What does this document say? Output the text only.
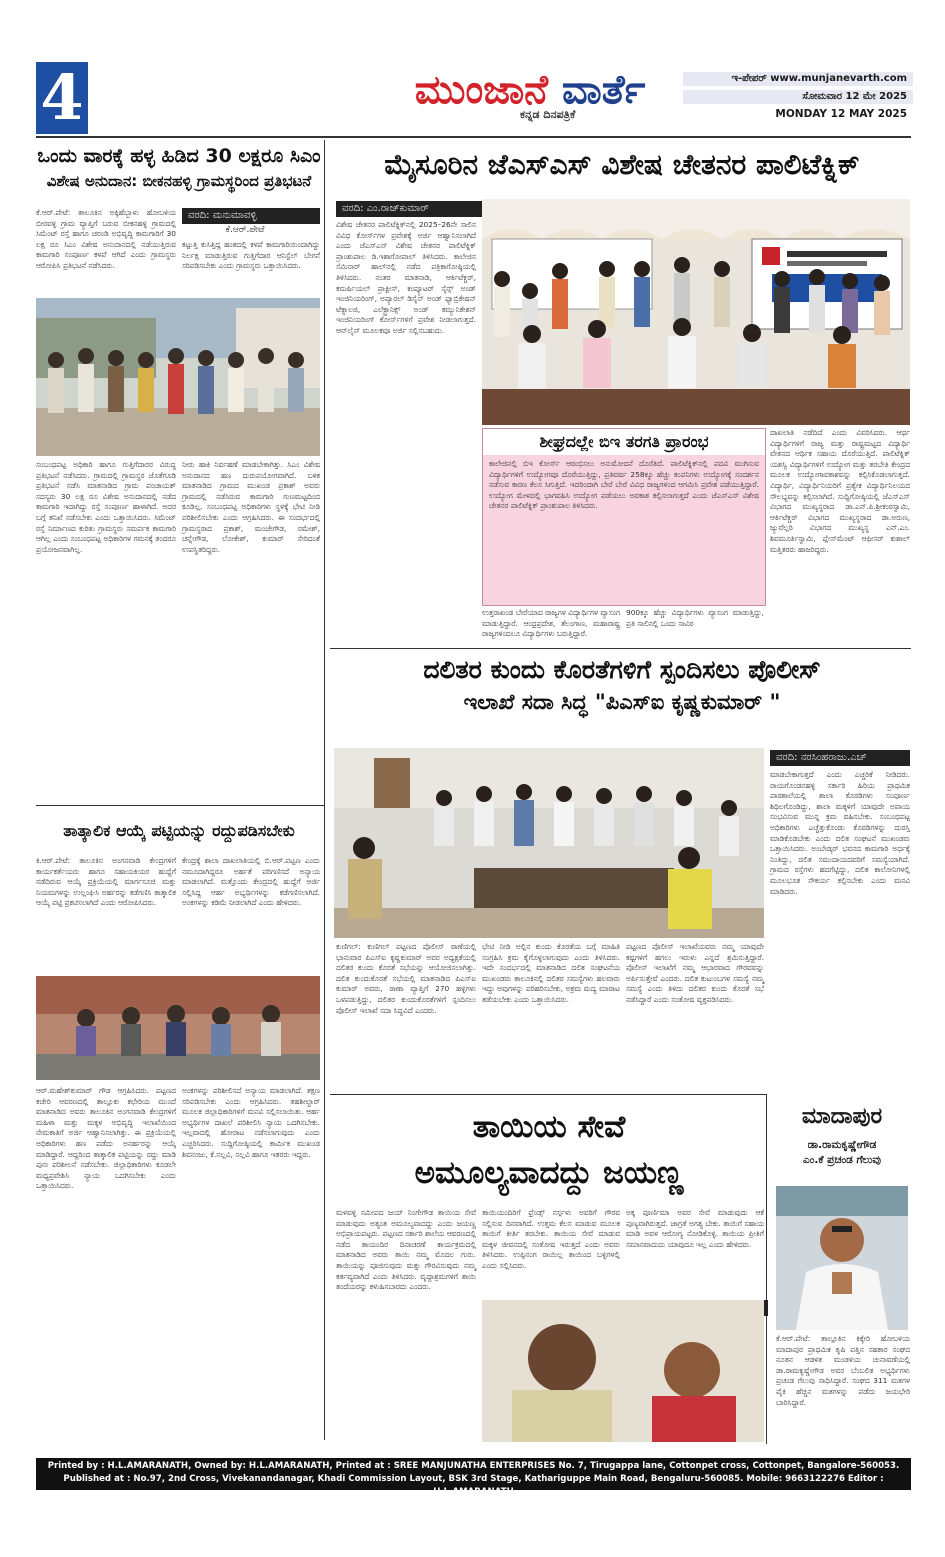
4	ಮುಂಜಾನೆ ವಾರ್ತೆ
ಕನ್ನಡ ದಿನಪತ್ರಿಕೆ
ಇ-ಪೇಪರ್ www.munjanevarth.com
ಸೋಮವಾರ 12 ಮೇ 2025
MONDAY 12 MAY 2025
ಒಂದು ವಾರಕ್ಕೆ ಹಳ್ಳ ಹಿಡಿದ 30 ಲಕ್ಷರೂ ಸಿಎಂ
ವಿಶೇಷ ಅನುದಾನ: ಬೀಕನಹಳ್ಳಿ ಗ್ರಾಮಸ್ಥರಿಂದ ಪ್ರತಿಭಟನೆ
ವರದಿ: ಮನುಮಾವಳ್ಳಿ
ಕೆ.ಆರ್.ಪೇಟೆ
ಕೆ.ಆರ್.ಪೇಟೆ: ತಾಲೂಕಿನ ಅಕ್ಕಿಹೆಬ್ಬಾಳು ಹೋಬಳಿಯ ಬೀರವಳ್ಳಿ ಗ್ರಾಮ ವ್ಯಾಪ್ತಿಗೆ ಬರುವ ಬೀಕನಹಳ್ಳಿ ಗ್ರಾಮದಲ್ಲಿ ಸಿಮೆಂಟ್ ರಸ್ತೆ ಹಾಗೂ ಚರಂಡಿ ಅಭಿವೃದ್ಧಿ ಕಾಮಗಾರಿಗೆ 30 ಲಕ್ಷ ರೂ ಸಿಎಂ ವಿಶೇಷ ಅನುದಾನದಲ್ಲಿ ನಡೆಯುತ್ತಿರುವ ಕಾಮಗಾರಿ ಸಂಪೂರ್ಣ ಕಳಪೆ ಆಗಿದೆ ಎಂದು ಗ್ರಾಮಸ್ಥರು ಆರೋಪಿಸಿ ಪ್ರತಿಭಟನೆ ನಡೆಸಿದರು.
ಕಟ್ಟುತ್ತಿ ಕುಸಿತ್ತಿದ್ದ ಹಂತದಲ್ಲಿ ಕಳಪೆ ಕಾಮಗಾರಿಯಿಂದಾಗಿದ್ದು ನಿರ್ಲಕ್ಷ ಮಾಡುತ್ತಿರುವ ಗುತ್ತಿಗೆದಾರ ಆನಿಸ್ಟೆಲ್ ಬೇಗನೆ ಸರಿಪಡಿಸಬೇಕು ಎಂದು ಗ್ರಾಮಸ್ಥರು ಒತ್ತಾಯಿಸಿದರು.
ಸಂಬಂಧಪಟ್ಟ ಅಧಿಕಾರಿ ಹಾಗೂ ಗುತ್ತಿಗೆದಾರರ ವಿರುದ್ಧ ಪ್ರತಿಭಟನೆ ನಡೆಸಿದರು. ಗ್ರಾಮದಲ್ಲಿ ಗ್ರಾಮಸ್ಥರ ಜೊತೆಗೂಡಿ ಪ್ರತಿಭಟನೆ ನಡೆಸಿ ಮಾತನಾಡಿದ ಗ್ರಾಮ ಪಂಚಾಯತ್ ಸದಸ್ಯರು 30 ಲಕ್ಷ ರೂ ವಿಶೇಷ ಅನುದಾನದಲ್ಲಿ ನಡೆದ ಕಾಮಗಾರಿ ಇದಾಗಿದ್ದು ರಸ್ತೆ ಸಂಪೂರ್ಣ ಹಾಳಾಗಿದೆ. ಅದರ ಬಗ್ಗೆ ತನಿಖೆ ನಡೆಸಬೇಕು ಎಂದು ಒತ್ತಾಯಿಸಿದರು. ಸಿಮೆಂಟ್ ರಸ್ತೆ ನಿರ್ಮಾಣದ ಕುರಿತು ಗ್ರಾಮಸ್ಥರು ಸಮರ್ಪಕ ಕಾಮಗಾರಿ ಆಗಿಲ್ಲ ಎಂದು ಸಂಬಂಧಪಟ್ಟ ಅಧಿಕಾರಿಗಳ ಗಮನಕ್ಕೆ ತಂದರೂ ಪ್ರಯೋಜನವಾಗಿಲ್ಲ.
ನೀರು ಹಾಕಿ ನಿರ್ವಹಣೆ ಮಾಡಬೇಕಾಗಿತ್ತು. ಸಿಎಂ ವಿಶೇಷ ಅನುದಾನದ ಹಣ ದುರುಪಯೋಗವಾಗಿದೆ. ಬಳಿಕ ಮಾತನಾಡಿದ ಗ್ರಾಮದ ಮುಖಂಡ ಪ್ರಕಾಶ್ ಅವರು ಗ್ರಾಮದಲ್ಲಿ ನಡೆಸಿರುವ ಕಾಮಗಾರಿ ಗುಣಮಟ್ಟದಿಂದ ಕೂಡಿಲ್ಲ. ಸಂಬಂಧಪಟ್ಟ ಅಧಿಕಾರಿಗಳು ಸ್ಥಳಕ್ಕೆ ಭೇಟಿ ನೀಡಿ ಪರಿಶೀಲಿಸಬೇಕು ಎಂದು ಆಗ್ರಹಿಸಿದರು. ಈ ಸಂದರ್ಭದಲ್ಲಿ ಗ್ರಾಮಸ್ಥರಾದ ಪ್ರಕಾಶ್, ಮಂಜೇಗೌಡ, ರಮೇಶ್, ಚನ್ನೇಗೌಡ, ಲೋಕೇಶ್, ಕುಮಾರ್ ಸೇರಿದಂತೆ ಉಪಸ್ಥಿತರಿದ್ದರು.
ತಾತ್ಕಾಲಿಕ ಆಯ್ಕೆ ಪಟ್ಟಿಯನ್ನು ರದ್ದುಪಡಿಸಬೇಕು
ಕಿ.ಆರ್.ಪೇಟೆ: ತಾಲೂಕಿನ ಅಂಗನವಾಡಿ ಕೇಂದ್ರಗಳಿಗೆ ಕಾರ್ಯಕರ್ತೆಯರು ಹಾಗೂ ಸಹಾಯಕಿಯರ ಹುದ್ದೆಗೆ ನಡೆದಿರುವ ಆಯ್ಕೆ ಪ್ರಕ್ರಿಯೆಯಲ್ಲಿ ಮಾರ್ಗಸೂಚಿ ಮತ್ತು ನಿಯಮಗಳನ್ನು ಉಲ್ಲಂಘಿಸಿ ಅರ್ಹರನ್ನು ಕಡೆಗಣಿಸಿ ತಾತ್ಕಾಲಿಕ ಆಯ್ಕೆ ಪಟ್ಟಿ ಪ್ರಕಟಿಸಲಾಗಿದೆ ಎಂದು ಆರೋಪಿಸಿದರು.
ಕೇಂದ್ರಕ್ಕೆ ಶಾಲಾ ದಾಖಲಾತಿಯಲ್ಲಿ ಬಿ.ಆರ್.ಪಟ್ಟಣ ಎಂದು ನಮೂದಾಗಿದ್ದರೂ ಅರ್ಹತೆ ಪರಿಗಣಿಸದೆ ಅನ್ಯಾಯ ಮಾಡಲಾಗಿದೆ. ಮತ್ತೊಂದು ಕೇಂದ್ರದಲ್ಲಿ ಹುದ್ದೆಗೆ ಅರ್ಜಿ ಸಲ್ಲಿಸಿದ್ದ ಆರ್ಹ ಅಭ್ಯರ್ಥಿಗಳನ್ನು ಕಡೆಗಣಿಸಲಾಗಿದೆ. ಅಂಕಗಳನ್ನು ಕಡಿಮೆ ನೀಡಲಾಗಿದೆ ಎಂದು ಹೇಳಿದರು.
ಆರ್.ಮಹೇಶ್‌ಕುಮಾರ್ ಗೌಡ ಆಗ್ರಹಿಸಿದರು. ಪಟ್ಟಣದ ಕಚೇರಿ ಆವರಣದಲ್ಲಿ ತಾಲ್ಲೂಕು ಕಛೇರಿಯ ಮುಂದೆ ಮಾತನಾಡಿದ ಅವರು ತಾಲೂಕಿನ ಅಂಗನವಾಡಿ ಕೇಂದ್ರಗಳಿಗೆ ಮಹಿಳಾ ಮತ್ತು ಮಕ್ಕಳ ಅಭಿವೃದ್ಧಿ ಇಲಾಖೆಯಿಂದ ನೇಮಕಾತಿಗೆ ಅರ್ಜಿ ಆಹ್ವಾನಿಸಲಾಗಿತ್ತು. ಈ ಪ್ರಕ್ರಿಯೆಯಲ್ಲಿ ಅಧಿಕಾರಿಗಳು ಹಣ ಪಡೆದು ಅನರ್ಹರನ್ನು ಆಯ್ಕೆ ಮಾಡಿದ್ದಾರೆ. ಆದ್ದರಿಂದ ತಾತ್ಕಾಲಿಕ ಪಟ್ಟಿಯನ್ನು ರದ್ದು ಮಾಡಿ ಪುನಃ ಪರಿಶೀಲನೆ ನಡೆಸಬೇಕು. ಜಿಲ್ಲಾಧಿಕಾರಿಗಳು ಕೂಡಲೇ ಮಧ್ಯಪ್ರವೇಶಿಸಿ ನ್ಯಾಯ ಒದಗಿಸಬೇಕು ಎಂದು ಒತ್ತಾಯಿಸಿದರು.
ಅಂಕಗಳನ್ನು ಪರಿಶೀಲಿಸದೆ ಅನ್ಯಾಯ ಮಾಡಲಾಗಿದೆ. ತಕ್ಷಣ ಸರಿಪಡಿಸಬೇಕು ಎಂದು ಆಗ್ರಹಿಸಿದರು. ತಹಶೀಲ್ದಾರ್ ಮೂಲಕ ಜಿಲ್ಲಾಧಿಕಾರಿಗಳಿಗೆ ಮನವಿ ಸಲ್ಲಿಸಲಾಯಿತು. ಆರ್ಹ ಅಭ್ಯರ್ಥಿಗಳ ದಾಖಲೆ ಪರಿಶೀಲಿಸಿ ನ್ಯಾಯ ಒದಗಿಸಬೇಕು. ಇಲ್ಲವಾದಲ್ಲಿ ಹೋರಾಟ ನಡೆಸಲಾಗುವುದು ಎಂದು ಎಚ್ಚರಿಸಿದರು. ಸುದ್ದಿಗೋಷ್ಠಿಯಲ್ಲಿ ಕಾರ್ಮಿಕ ಮುಖಂಡ ಶಿವನಂಜು, ಕೆ.ಸಲ್ಲವಿ, ಸಲ್ಲವಿ ಹಾಗೂ ಇತರರು ಇದ್ದರು.
ಮೈಸೂರಿನ ಜೆಎಸ್‌ಎಸ್ ವಿಶೇಷ ಚೇತನರ ಪಾಲಿಟೆಕ್ನಿಕ್
ವರದಿ: ಎಂ.ರಾಜ್‌ಕುಮಾರ್
ವಿಶೇಷ ಚೇತನರ ಪಾಲಿಟೆಕ್ನಿಕ್‌ನಲ್ಲಿ 2025–26ನೇ ಸಾಲಿನ ವಿವಿಧ ಕೋರ್ಸ್‌ಗಳ ಪ್ರವೇಶಕ್ಕೆ ಅರ್ಜಿ ಆಹ್ವಾನಿಸಲಾಗಿದೆ ಎಂದು ಜೆಎಸ್‌ಎಸ್ ವಿಶೇಷ ಚೇತನರ ಪಾಲಿಟೆಕ್ನಿಕ್ ಪ್ರಾಂಶುಪಾಲ ಡಿ.ಇಶಾಗೋಪಾಲ್ ತಿಳಿಸಿದರು. ಕಾಲೇಜಿನ ಸೆಮಿನಾರ್ ಹಾಲ್‌ನಲ್ಲಿ ನಡೆದ ಪತ್ರಿಕಾಗೋಷ್ಠಿಯಲ್ಲಿ ತಿಳಿಸಿದರು. ನಂತರ ಮಾತನಾಡಿ, ಆರ್ಕಿಟೆಕ್ಚರ್, ಕಮರ್ಷಿಯಲ್ ಪ್ರಾಕ್ಟೀಸ್, ಕಂಪ್ಯೂಟರ್ ಸೈನ್ಸ್ ಅಂಡ್ ಇಂಜಿನಿಯರಿಂಗ್, ಅಪ್ಯಾರಲ್ ಡಿಸೈನ್ ಅಂಡ್ ಫ್ಯಾಬ್ರಿಕೇಷನ್ ಟೆಕ್ನಾಲಜಿ, ಎಲೆಕ್ಟ್ರಾನಿಕ್ಸ್ ಅಂಡ್ ಕಮ್ಯುನಿಕೇಶನ್ ಇಂಜಿನಿಯರಿಂಗ್ ಕೋರ್ಸ್‌ಗಳಿಗೆ ಪ್ರವೇಶ ನೀಡಲಾಗುತ್ತದೆ. ಆನ್‌ಲೈನ್ ಮೂಲಕವೂ ಅರ್ಜಿ ಸಲ್ಲಿಸಬಹುದು.
ಶೀಘ್ರದಲ್ಲೇ ಬಿಇ ತರಗತಿ ಪ್ರಾರಂಭ
ಕಾಲೇಜಿನಲ್ಲಿ ಬಿಇ ಕೋರ್ಸ್ ಆರಂಭಿಸಲು ಅನುಮೋದನೆ ದೊರೆತಿದೆ. ಪಾಲಿಟೆಕ್ನಿಕ್‌ನಲ್ಲಿ ಪದವಿ ಮುಗಿಸುವ ವಿದ್ಯಾರ್ಥಿಗಳಿಗೆ ಉದ್ಯೋಗವೂ ದೊರೆಯುತ್ತಿದ್ದು, ಪ್ರತಿವರ್ಷ 258ಕ್ಕೂ ಹೆಚ್ಚು ಕಂಪನಿಗಳು ಉದ್ಯೋಗಕ್ಕೆ ಸಂದರ್ಶನ ನಡೆಸುವ ಕಾರಣ ಕೆಲಸ ಸಿಗುತ್ತಿದೆ. ಇದರಿಂದಾಗಿ ಬೇರೆ ಬೇರೆ ವಿವಿಧ ರಾಜ್ಯಗಳಿಂದ ಆಗಮಿಸಿ ಪ್ರವೇಶ ಪಡೆಯುತ್ತಿದ್ದಾರೆ. ಉದ್ಯೋಗ ಮೇಳದಲ್ಲಿ ಭಾಗವಹಿಸಿ ಉದ್ಯೋಗ ಪಡೆಯಲು ಅವಕಾಶ ಕಲ್ಪಿಸಲಾಗುತ್ತದೆ ಎಂದು ಜೆಎಸ್‌ಎಸ್ ವಿಶೇಷ ಚೇತನರ ಪಾಲಿಟೆಕ್ನಿಕ್ ಪ್ರಾಂಶುಪಾಲ ತಿಳಿಸಿದರು.
ಉತ್ತರಾಖಂಡ ಬೇರೆಯಾದ ರಾಜ್ಯಗಳ ವಿದ್ಯಾರ್ಥಿಗಳ ವ್ಯಾಸಂಗ ಮಾಡುತ್ತಿದ್ದಾರೆ. ಆಂಧ್ರಪ್ರದೇಶ, ತೆಲಂಗಾಣ, ಮಹಾರಾಷ್ಟ್ರ ರಾಜ್ಯಗಳಿಂದಲೂ ವಿದ್ಯಾರ್ಥಿಗಳು ಬರುತ್ತಿದ್ದಾರೆ.
900ಕ್ಕೂ ಹೆಚ್ಚು ವಿದ್ಯಾರ್ಥಿಗಳು ವ್ಯಾಸಂಗ ಮಾಡುತ್ತಿದ್ದು, ಪ್ರತಿ ಸಾಲಿನಲ್ಲಿ ಒಂದು ಸಾವಿರ
ದಾಖಲಾತಿ ನಡೆದಿದೆ ಎಂದು ವಿವರಿಸಿದರು. ಆರ್ಥ ವಿದ್ಯಾರ್ಥಿಗಳಿಗೆ ರಾಜ್ಯ ಮತ್ತು ರಾಷ್ಟ್ರಮಟ್ಟದ ವಿದ್ಯಾರ್ಥಿ ವೇತನದ ಆರ್ಥಿಕ ಸಹಾಯ ದೊರೆಯುತ್ತಿದೆ. ಪಾಲಿಟೆಕ್ನಿಕ್ ಯಶಸ್ವಿ ವಿದ್ಯಾರ್ಥಿಗಳಿಗೆ ಉದ್ಯೋಗ ಮತ್ತು ತರಬೇತಿ ಕೇಂದ್ರದ ಮೂಲಕ ಉದ್ಯೋಗಾವಕಾಶವನ್ನು ಕಲ್ಪಿಸಿಕೊಡಲಾಗುತ್ತದೆ. ವಿದ್ಯಾರ್ಥಿ, ವಿದ್ಯಾರ್ಥಿನಿಯರಿಗೆ ಪ್ರತ್ಯೇಕ ವಿದ್ಯಾರ್ಥಿನಿಲಯದ ಸೌಲಭ್ಯವನ್ನು ಕಲ್ಪಿಸಲಾಗಿದೆ. ಸುದ್ದಿಗೋಷ್ಠಿಯಲ್ಲಿ ಜೆಎಸ್‌ಎಸ್ ವಿಭಾಗದ ಮುಖ್ಯಸ್ಥರಾದ ಡಾ.ಎನ್.ಪಿ.ಶ್ರೀಕಂಠಸ್ವಾಮಿ, ಆರ್ಕಿಟೆಕ್ಚರ್ ವಿಭಾಗದ ಮುಖ್ಯಸ್ಥರಾದ ಡಾ.ಅರುಣ, ಜ್ಯುವೆಲ್ಲರಿ ವಿಭಾಗದ ಮುಖ್ಯಸ್ಥ ಎನ್.ಎಂ. ಶಿವಮೂರ್ತಿಸ್ವಾಮಿ, ಪ್ಲೇಸ್‌ಮೆಂಟ್ ಆಫೀಸರ್ ಕುಶಾಲ್ ಮತ್ತಿತರರು ಹಾಜರಿದ್ದರು.
ದಲಿತರ ಕುಂದು ಕೊರತೆಗಳಿಗೆ ಸ್ಪಂದಿಸಲು ಪೊಲೀಸ್
ಇಲಾಖೆ ಸದಾ ಸಿದ್ಧ "ಪಿಎಸ್‌ಐ ಕೃಷ್ಣಕುಮಾರ್ "
ವರದಿ: ನರಸಿಂಹರಾಜು.ಎಚ್
ಮಾಡಬೇಕಾಗುತ್ತದೆ ಎಂದು ಎಚ್ಚರಿಕೆ ನೀಡಿದರು. ರಾಯಗೊಂಡನಹಳ್ಳಿ ಸರ್ಕಾರಿ ಹಿರಿಯ ಪ್ರಾಥಮಿಕ ಪಾಠಶಾಲೆಯಲ್ಲಿ ಶಾಲಾ ಕೊಠಡಿಗಳು ಸಂಪೂರ್ಣ ಶಿಥಿಲಗೊಂಡಿದ್ದು, ಶಾಲಾ ಮಕ್ಕಳಿಗೆ ಯಾವುದೇ ಅಪಾಯ ಸಂಭವಿಸುವ ಮುನ್ನ ಕ್ರಮ ವಹಿಸಬೇಕು. ಸಂಬಂಧಪಟ್ಟ ಅಧಿಕಾರಿಗಳು ಎಚ್ಚೆತ್ತುಕೊಂಡು ಕೊಠಡಿಗಳನ್ನು ದುರಸ್ತಿ ಮಾಡಿಕೊಡಬೇಕು ಎಂದು ದಲಿತ ಸಂಘಟನೆ ಮುಖಂಡರು ಒತ್ತಾಯಿಸಿದರು. ಅಂಬೇಡ್ಕರ್ ಭವನದ ಕಾಮಗಾರಿ ಅರ್ಧಕ್ಕೆ ನಿಂತಿದ್ದು, ದಲಿತ ಸಮುದಾಯದವರಿಗೆ ಸಮಸ್ಯೆಯಾಗಿದೆ. ಗ್ರಾಮದ ರಸ್ತೆಗಳು ಹದಗೆಟ್ಟಿದ್ದು, ದಲಿತ ಕಾಲೋನಿಗಳಲ್ಲಿ ಮೂಲಭೂತ ಸೌಕರ್ಯ ಕಲ್ಪಿಸಬೇಕು ಎಂದು ಮನವಿ ಮಾಡಿದರು.
ಕುಣಿಗಲ್: ಕುಣಿಗಲ್ ಪಟ್ಟಣದ ಪೊಲೀಸ್ ಠಾಣೆಯಲ್ಲಿ ಭಾನುವಾರ ಪಿಎಸ್‌ಐ ಕೃಷ್ಣಕುಮಾರ್ ಅವರ ಅಧ್ಯಕ್ಷತೆಯಲ್ಲಿ ದಲಿತರ ಕುಂದು ಕೊರತೆ ಸಭೆಯನ್ನು ಆಯೋಜಿಸಲಾಗಿತ್ತು. ದಲಿತ ಕುಂದುಕೊರತೆ ಸಭೆಯಲ್ಲಿ ಮಾತನಾಡಿದ ಪಿಎಸ್‌ಐ ಕುಮಾರ್ ಅವರು, ಠಾಣಾ ವ್ಯಾಪ್ತಿಗೆ 270 ಹಳ್ಳಿಗಳು ಒಳಪಡುತ್ತಿದ್ದು, ದಲಿತರ ಕುಂದುಕೊರತೆಗಳಿಗೆ ಸ್ಪಂದಿಸಲು ಪೊಲೀಸ್ ಇಲಾಖೆ ಸದಾ ಸಿದ್ಧವಿದೆ ಎಂದರು.
ಭೇಟಿ ನೀಡಿ ಅಲ್ಲಿನ ಕುಂದು ಕೊರತೆಯ ಬಗ್ಗೆ ಮಾಹಿತಿ ಸಂಗ್ರಹಿಸಿ ಕ್ರಮ ಕೈಗೊಳ್ಳಲಾಗುವುದು ಎಂದು ತಿಳಿಸಿದರು. ಇದೇ ಸಂದರ್ಭದಲ್ಲಿ ಮಾತನಾಡಿದ ದಲಿತ ಸಂಘಟನೆಯ ಮುಖಂಡರು ತಾಲೂಕಿನಲ್ಲಿ ದಲಿತರ ಸಮಸ್ಯೆಗಳು ಹಲವಾರು ಇದ್ದು ಅವುಗಳನ್ನು ಪರಿಹರಿಸಬೇಕು, ಅಕ್ರಮ ಮದ್ಯ ಮಾರಾಟ ತಡೆಯಬೇಕು ಎಂದು ಒತ್ತಾಯಿಸಿದರು.
ಪಟ್ಟಣದ ಪೊಲೀಸ್ ಇಲಾಖೆಯವರು ನಮ್ಮ ಯಾವುದೇ ಕಷ್ಟಗಳಿಗೆ ಹಗಲು ಇರುಳು ಎನ್ನದೆ ಶ್ರಮಿಸುತ್ತಿದ್ದಾರೆ. ಪೊಲೀಸ್ ಇಲಾಖೆಗೆ ನಮ್ಮ ಆಭಾರವಾದ ಗೌರವವನ್ನು ಅರ್ಪಿಸುತ್ತೇವೆ ಎಂದರು. ದಲಿತ ಕುಟುಂಬಗಳ ಸಮಸ್ಯೆ ನಮ್ಮ ಸಮಸ್ಯೆ ಎಂದು ತಿಳಿದು ದಲಿತರ ಕುಂದು ಕೊರತೆ ಸಭೆ ನಡೆಸಿದ್ದಾರೆ ಎಂದು ಸಂತೋಷ ವ್ಯಕ್ತಪಡಿಸಿದರು.
ತಾಯಿಯ ಸೇವೆ
ಅಮೂಲ್ಯವಾದದ್ದು ಜಯಣ್ಣ
ಮಳವಳ್ಳಿ ಸಮೀಪದ ಜಯ್ ನಿಂಗೇಗೌಡ ತಾಯಿಯ ಸೇವೆ ಮಾಡುವುದು ಅತ್ಯಂತ ಅಮೂಲ್ಯವಾದದ್ದು ಎಂದು ಜಯಣ್ಣ ಅಭಿಪ್ರಾಯಪಟ್ಟರು. ಪಟ್ಟಣದ ಸರ್ಕಾರಿ ಶಾಲೆಯ ಆವರಣದಲ್ಲಿ ನಡೆದ ತಾಯಂದಿರ ದಿನಾಚರಣೆ ಕಾರ್ಯಕ್ರಮದಲ್ಲಿ ಮಾತನಾಡಿದ ಅವರು ತಾಯಿ ನಮ್ಮ ಮೊದಲ ಗುರು. ತಾಯಿಯನ್ನು ಪೂಜಿಸುವುದು ಮತ್ತು ಗೌರವಿಸುವುದು ನಮ್ಮ ಕರ್ತವ್ಯವಾಗಿದೆ ಎಂದು ತಿಳಿಸಿದರು. ವೃದ್ಧಾಶ್ರಮಗಳಿಗೆ ತಾಯಿ ತಂದೆಯರನ್ನು ಕಳುಹಿಸಬಾರದು ಎಂದರು.
ತಾಯಿಯಂದಿರಿಗೆ ಫ್ರೆಂಡ್ಸ್ ನರ್ಸ್ಗಳು ಅವರಿಗೆ ಗೌರವ ಸಲ್ಲಿಸುವ ದಿನವಾಗಿದೆ. ಉತ್ತಮ ಕೆಲಸ ಮಾಡುವ ಮೂಲಕ ತಾಯಿಗೆ ಕೀರ್ತಿ ತರಬೇಕು. ತಾಯಿಯ ಸೇವೆ ಮಾಡುವ ಮಕ್ಕಳ ಜೀವನದಲ್ಲಿ ಸಂತೋಷ ಇರುತ್ತದೆ ಎಂದು ಅವರು ತಿಳಿಸಿದರು. ಉಪ್ಪಿನಂಗ ರಾಯಿಲ್ಲ ತಾಯಿಂದ ಬಳ್ಳಿಗಳಲ್ಲಿ ಎಂದು ಸಲ್ಲಿಸಿದರು.
ಅಕ್ಕ ಪೂರ್ಣಿಮಾ ಅವರ ಸೇವೆ ಮಾಡುವುದು ಆಕೆ ಪುಣ್ಯವಾಗಿರುತ್ತದೆ. ಜಾಗ್ರತೆ ಅಗತ್ಯ ಬೇಕು. ತಾಯಿಗೆ ಸಹಾಯ ಮಾಡಿ ಅವಳ ಆರೋಗ್ಯ ನೋಡಿಕೊಳ್ಳಿ. ತಾಯಿಯ ಪ್ರೀತಿಗೆ ಸಮಾನವಾದುದು ಯಾವುದೂ ಇಲ್ಲ ಎಂದು ಹೇಳಿದರು.
ಮಾದಾಪುರ
ಡಾ.ರಾಮಕೃಷ್ಣೇಗೌಡ
ಎಂ.ಕೆ ಪ್ರಚಂಡ ಗೆಲುವು
ಕೆ.ಆರ್.ಪೇಟೆ: ತಾಲ್ಲೂಕಿನ ಕಿಕ್ಕೇರಿ ಹೋಬಳಿಯ ಮಾದಾಪುರ ಪ್ರಾಥಮಿಕ ಕೃಷಿ ಪತ್ತಿನ ಸಹಕಾರ ಸಂಘದ ನೂತನ ಆಡಳಿತ ಮಂಡಳಿಯ ಚುನಾವಣೆಯಲ್ಲಿ ಡಾ.ರಾಮಕೃಷ್ಣೇಗೌಡ ಅವರ ಬೆಂಬಲಿತ ಅಭ್ಯರ್ಥಿಗಳು ಪ್ರಚಂಡ ಗೆಲುವು ಸಾಧಿಸಿದ್ದಾರೆ. ಸಂಘದ 311 ಮತಗಳ ಪೈಕಿ ಹೆಚ್ಚಿನ ಮತಗಳನ್ನು ಪಡೆದು ಜಯಭೇರಿ ಬಾರಿಸಿದ್ದಾರೆ.
Printed by : H.L.AMARANATH, Owned by: H.L.AMARANATH, Printed at : SREE MANJUNATHA ENTERPRISES No. 7, Tirugappa lane, Cottonpet cross, Cottonpet, Bangalore-560053.
Published at : No.97, 2nd Cross, Vivekanandanagar, Khadi Commission Layout, BSK 3rd Stage, Kathariguppe Main Road, Bengaluru-560085. Mobile: 9663122276 Editor : H.L.AMARANATH
